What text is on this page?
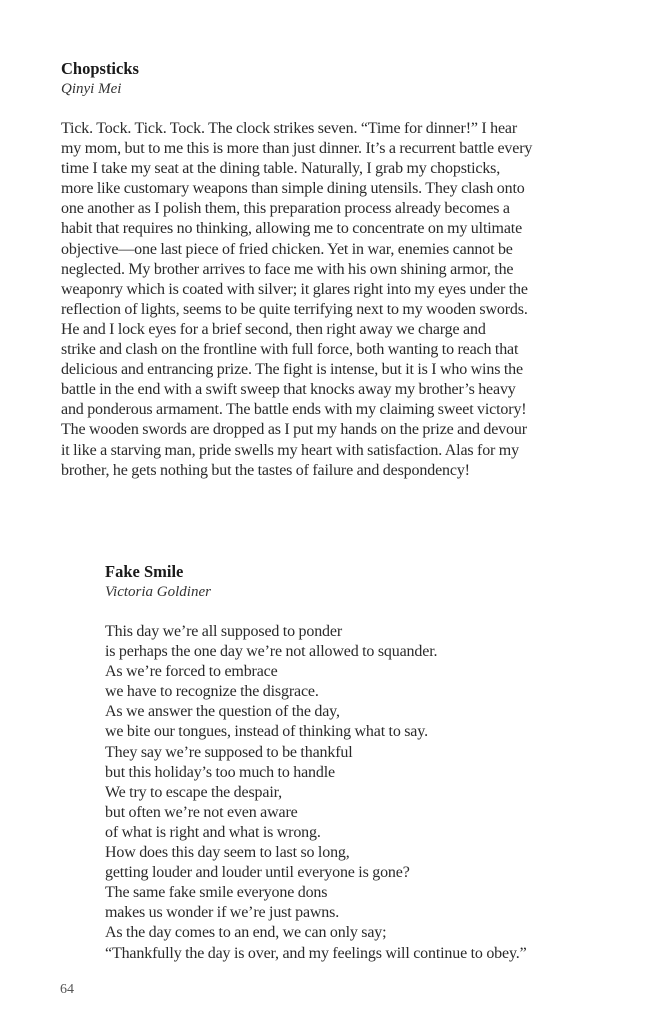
Chopsticks
Qinyi Mei

Tick. Tock. Tick. Tock. The clock strikes seven. “Time for dinner!” I hear
my mom, but to me this is more than just dinner. It’s a recurrent battle every
time I take my seat at the dining table. Naturally, I grab my chopsticks,
more like customary weapons than simple dining utensils. They clash onto
one another as I polish them, this preparation process already becomes a
habit that requires no thinking, allowing me to concentrate on my ultimate
objective—one last piece of fried chicken. Yet in war, enemies cannot be
neglected. My brother arrives to face me with his own shining armor, the
weaponry which is coated with silver; it glares right into my eyes under the
reflection of lights, seems to be quite terrifying next to my wooden swords.
He and I lock eyes for a brief second, then right away we charge and
strike and clash on the frontline with full force, both wanting to reach that
delicious and entrancing prize. The fight is intense, but it is I who wins the
battle in the end with a swift sweep that knocks away my brother’s heavy
and ponderous armament. The battle ends with my claiming sweet victory!
The wooden swords are dropped as I put my hands on the prize and devour
it like a starving man, pride swells my heart with satisfaction. Alas for my
brother, he gets nothing but the tastes of failure and despondency!

Fake Smile
Victoria Goldiner
This day we’re all supposed to ponder
is perhaps the one day we’re not allowed to squander.
As we’re forced to embrace
we have to recognize the disgrace.
As we answer the question of the day,
we bite our tongues, instead of thinking what to say.
They say we’re supposed to be thankful
but this holiday’s too much to handle
We try to escape the despair,
but often we’re not even aware
of what is right and what is wrong.
How does this day seem to last so long,
getting louder and louder until everyone is gone?
The same fake smile everyone dons
makes us wonder if we’re just pawns.
As the day comes to an end, we can only say;
“Thankfully the day is over, and my feelings will continue to obey.”
64
